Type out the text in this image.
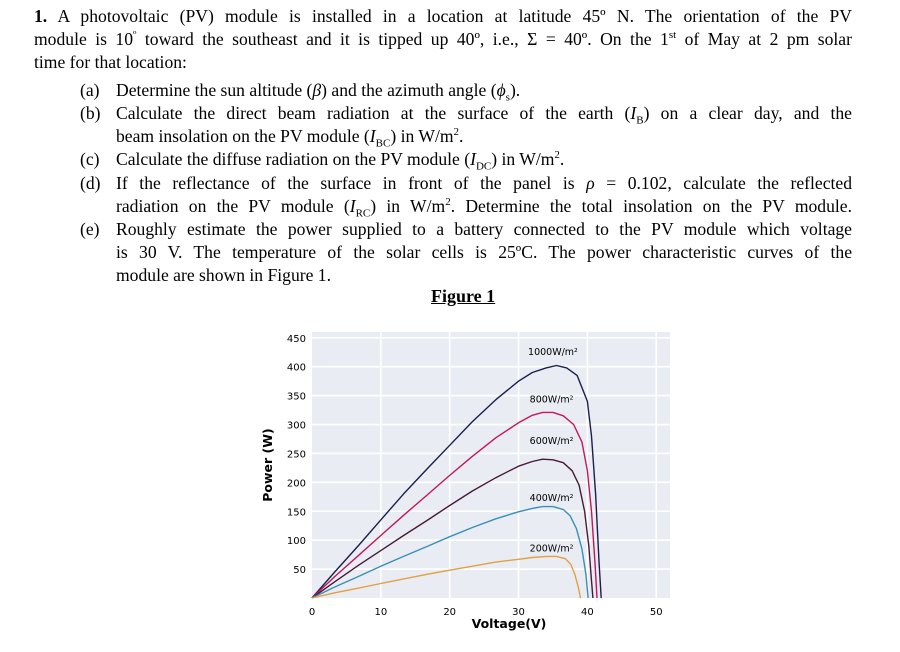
1. A photovoltaic (PV) module is installed in a location at latitude 45º N. The orientation of the PV
module is $10^º$ toward the southeast and it is tipped up 40º, i.e., Σ = 40º. On the 1st of May at 2 pm solar
time for that location:
(a) Determine the sun altitude (β) and the azimuth angle $(\phi_s)$.
(b) Calculate the direct beam radiation at the surface of the earth $(I_B)$ on a clear day, and the
beam insolation on the PV module $(I_{BC})$ in $W/m^2$.
(c) Calculate the diffuse radiation on the PV module $(I_{DC})$ in $W/m^2$.
(d) If the reflectance of the surface in front of the panel is ρ = 0.102, calculate the reflected
radiation on the PV module $(I_{RC})$ in $W/m^2$. Determine the total insolation on the PV module.
(e) Roughly estimate the power supplied to a battery connected to the PV module which voltage
is 30 V. The temperature of the solar cells is 25ºC. The power characteristic curves of the
module are shown in Figure 1.
Figure 1
1000W/m²
800W/m²
600W/m²
400W/m²
200W/m²
0	10	20	30	40	50
50
100
150
200
250
300
350
400
450
Voltage(V)
Power (W)
